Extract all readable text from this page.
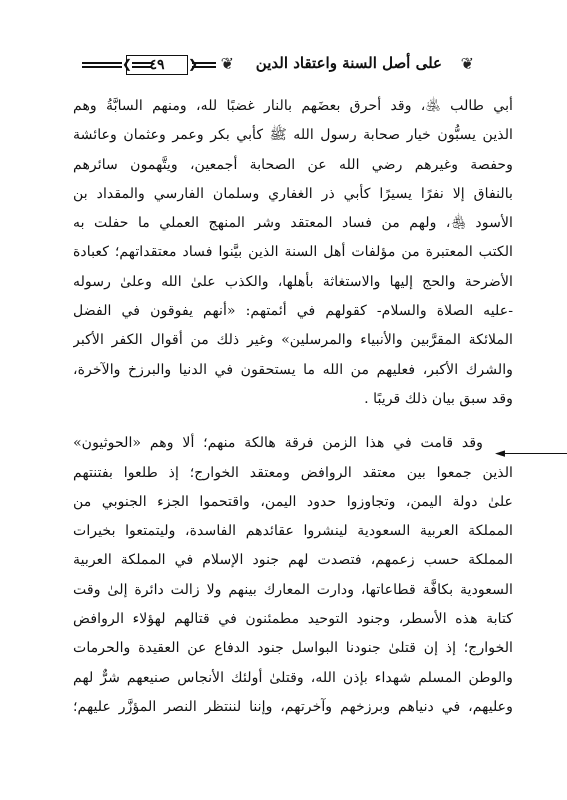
❦
على أصل السنة واعتقاد الدين
❦
❮
٤٩
❯
أبي طالب ﵁، وقد أحرق بعضَهم بالنار غضبًا لله، ومنهم السابَّةُ وهم
الذين يسبُّون خيار صحابة رسول الله ﷺ كأبي بكر وعمر وعثمان وعائشة
وحفصة وغيرهم رضي الله عن الصحابة أجمعين، ويتَّهمون سائرهم
بالنفاق إلا نفرًا يسيرًا كأبي ذر الغفاري وسلمان الفارسي والمقداد بن
الأسود ﵃، ولهم من فساد المعتقد وشر المنهج العملي ما حفلت به
الكتب المعتبرة من مؤلفات أهل السنة الذين بيَّنوا فساد معتقداتهم؛ كعبادة
الأضرحة والحج إليها والاستغاثة بأهلها، والكذب علىٰ الله وعلىٰ رسوله
-عليه الصلاة والسلام- كقولهم في أئمتهم: «أنهم يفوقون في الفضل
الملائكة المقرَّبين والأنبياء والمرسلين» وغير ذلك من أقوال الكفر الأكبر
والشرك الأكبر، فعليهم من الله ما يستحقون في الدنيا والبرزخ والآخرة،
وقد سبق بيان ذلك قريبًا .
وقد قامت في هذا الزمن فرقة هالكة منهم؛ ألا وهم «الحوثيون»
الذين جمعوا بين معتقد الروافض ومعتقد الخوارج؛ إذ طلعوا بفتنتهم
علىٰ دولة اليمن، وتجاوزوا حدود اليمن، واقتحموا الجزء الجنوبي من
المملكة العربية السعودية لينشروا عقائدهم الفاسدة، وليتمتعوا بخيرات
المملكة حسب زعمهم، فتصدت لهم جنود الإسلام في المملكة العربية
السعودية بكافَّة قطاعاتها، ودارت المعارك بينهم ولا زالت دائرة إلىٰ وقت
كتابة هذه الأسطر، وجنود التوحيد مطمئنون في قتالهم لهؤلاء الروافض
الخوارج؛ إذ إن قتلىٰ جنودنا البواسل جنود الدفاع عن العقيدة والحرمات
والوطن المسلم شهداء بإذن الله، وقتلىٰ أولئك الأنجاس صنيعهم شرٌّ لهم
وعليهم، في دنياهم وبرزخهم وآخرتهم، وإننا لننتظر النصر المؤزَّر عليهم؛
◄
